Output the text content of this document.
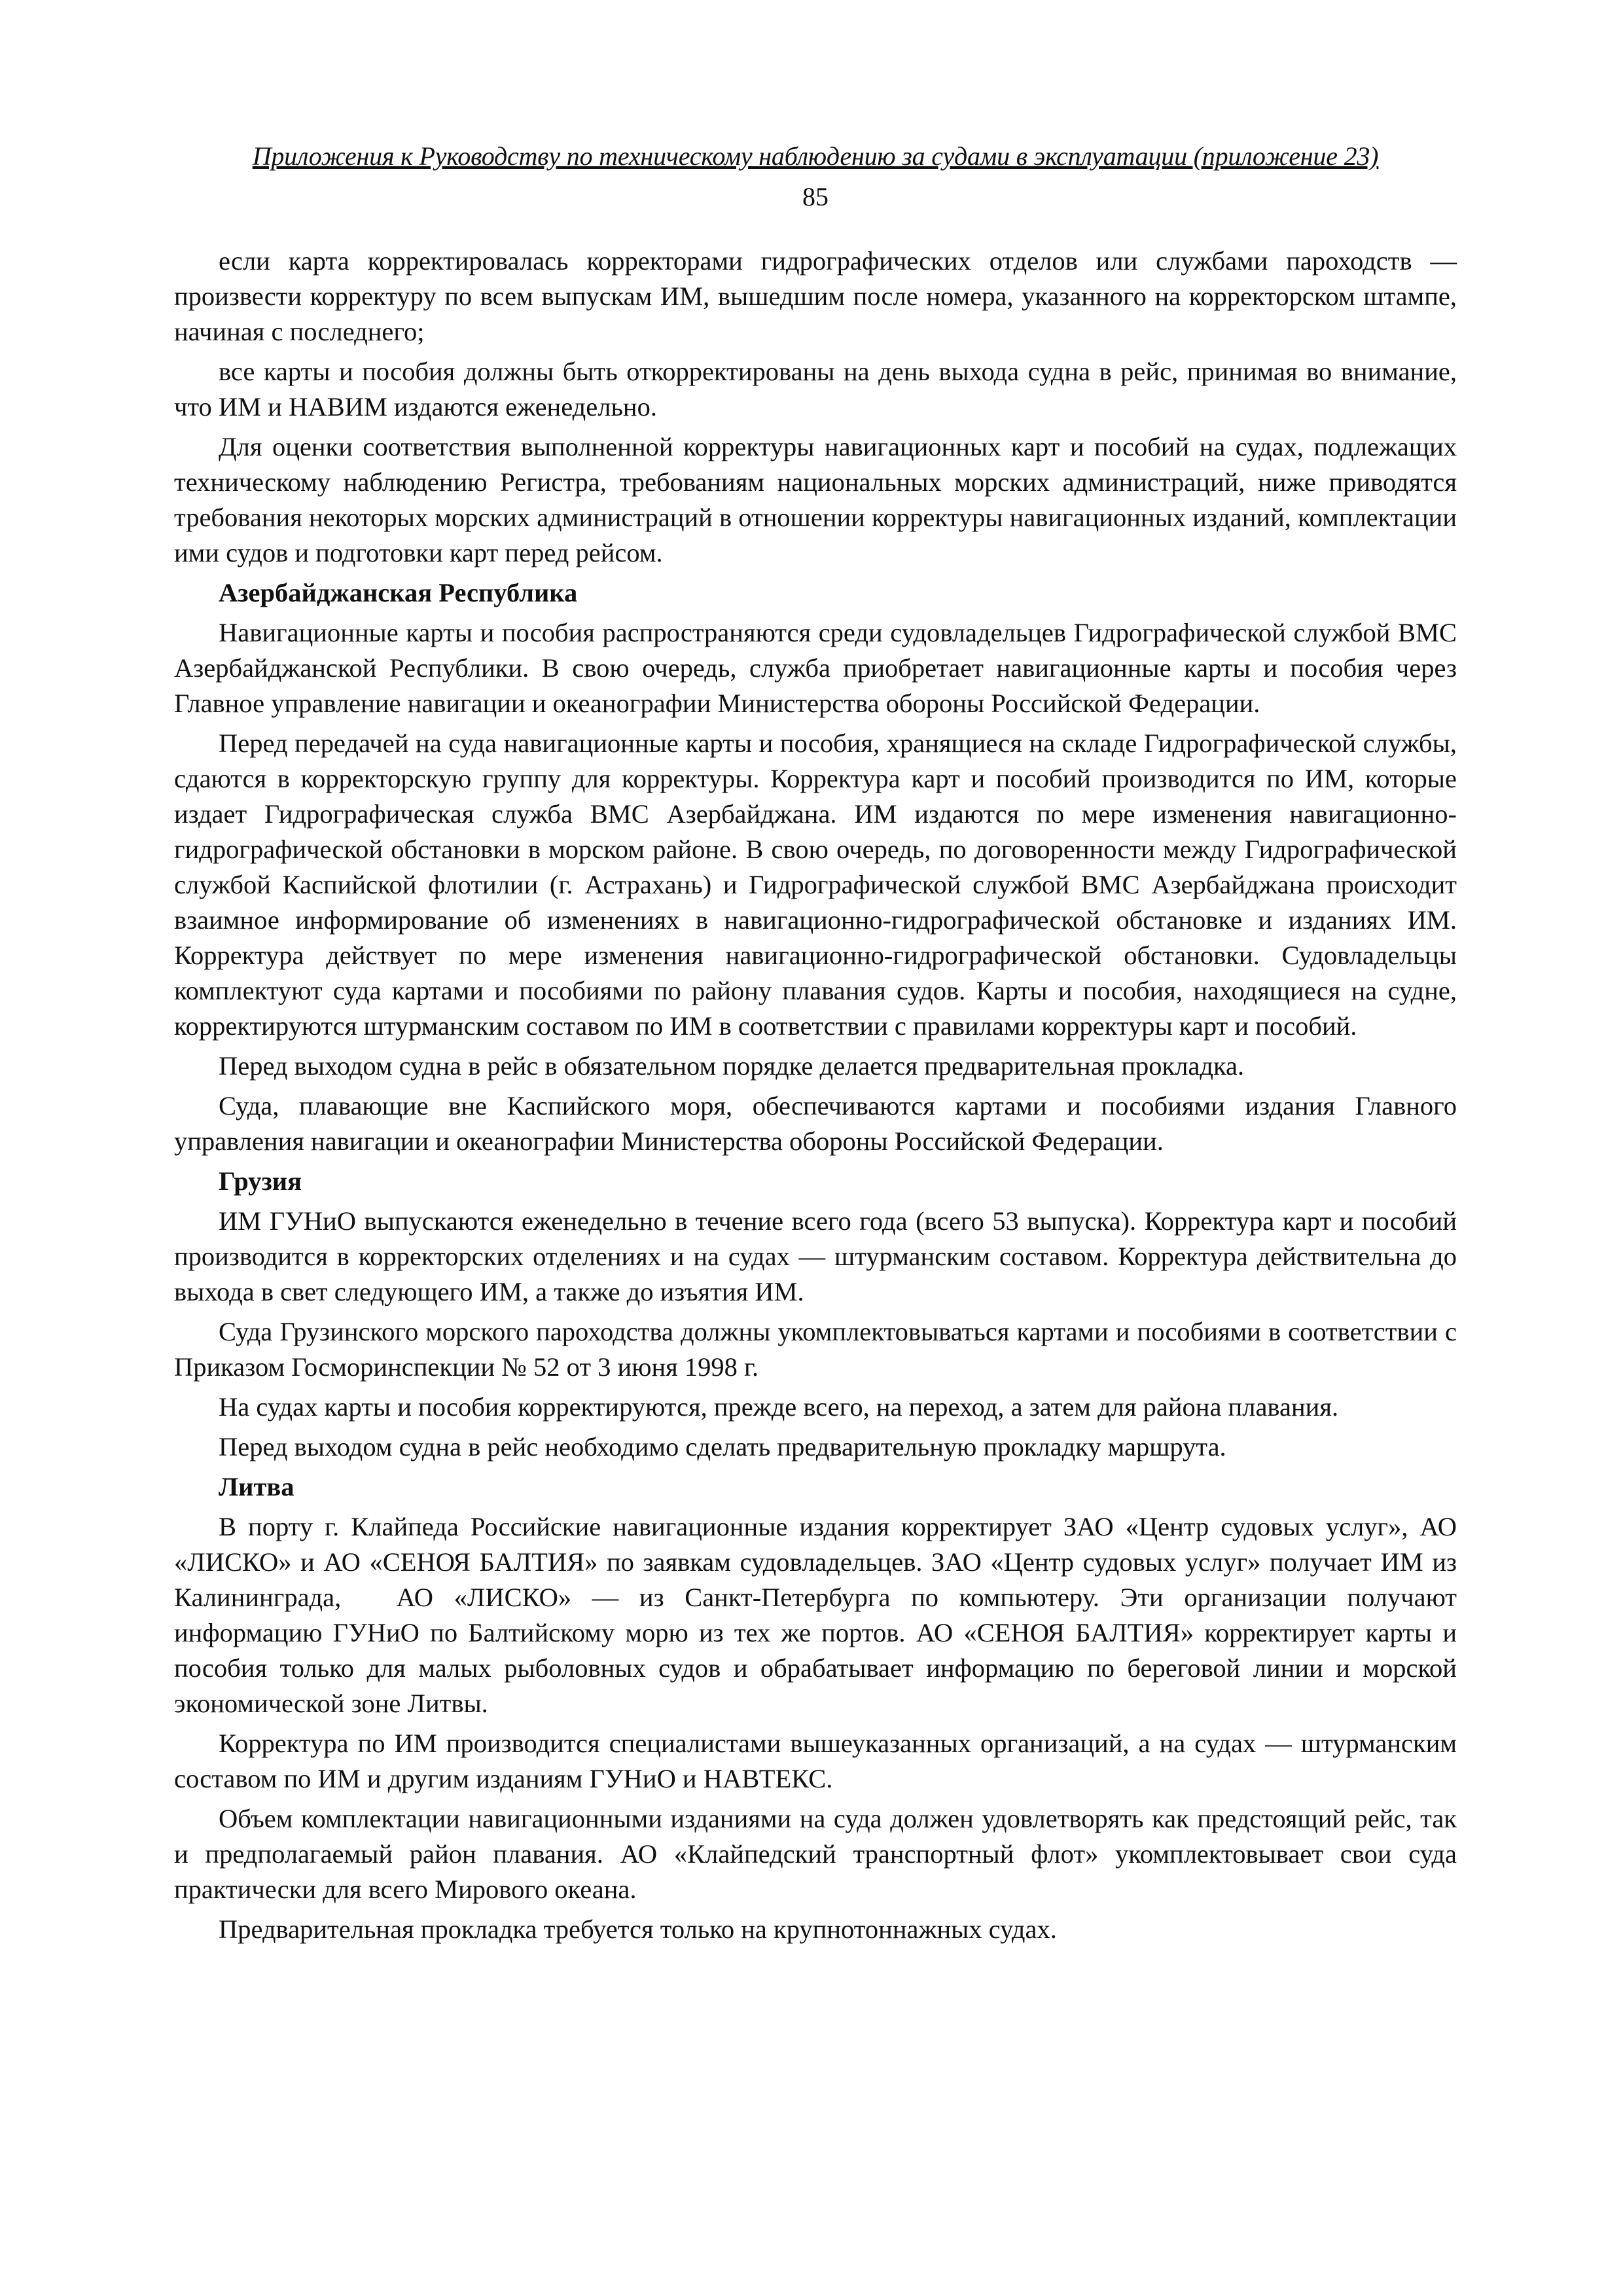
Приложения к Руководству по техническому наблюдению за судами в эксплуатации (приложение 23)
85

если карта корректировалась корректорами гидрографических отделов или службами пароходств — произвести корректуру по всем выпускам ИМ, вышедшим после номера, указанного на корректорском штампе, начиная с последнего;

все карты и пособия должны быть откорректированы на день выхода судна в рейс, принимая во внимание, что ИМ и НАВИМ издаются еженедельно.

Для оценки соответствия выполненной корректуры навигационных карт и пособий на судах, подлежащих техническому наблюдению Регистра, требованиям национальных морских администраций, ниже приводятся требования некоторых морских администраций в отношении корректуры навигационных изданий, комплектации ими судов и подготовки карт перед рейсом.

Азербайджанская Республика

Навигационные карты и пособия распространяются среди судовладельцев Гидрографической службой ВМС Азербайджанской Республики. В свою очередь, служба приобретает навигационные карты и пособия через Главное управление навигации и океанографии Министерства обороны Российской Федерации.

Перед передачей на суда навигационные карты и пособия, хранящиеся на складе Гидрографической службы, сдаются в корректорскую группу для корректуры. Корректура карт и пособий производится по ИМ, которые издает Гидрографическая служба ВМС Азербайджана. ИМ издаются по мере изменения навигационно-гидрографической обстановки в морском районе. В свою очередь, по договоренности между Гидрографической службой Каспийской флотилии (г. Астрахань) и Гидрографической службой ВМС Азербайджана происходит взаимное информирование об изменениях в навигационно-гидрографической обстановке и изданиях ИМ. Корректура действует по мере изменения навигационно-гидрографической обстановки. Судовладельцы комплектуют суда картами и пособиями по району плавания судов. Карты и пособия, находящиеся на судне, корректируются штурманским составом по ИМ в соответствии с правилами корректуры карт и пособий.

Перед выходом судна в рейс в обязательном порядке делается предварительная прокладка.

Суда, плавающие вне Каспийского моря, обеспечиваются картами и пособиями издания Главного управления навигации и океанографии Министерства обороны Российской Федерации.

Грузия

ИМ ГУНиО выпускаются еженедельно в течение всего года (всего 53 выпуска). Корректура карт и пособий производится в корректорских отделениях и на судах — штурманским составом. Корректура действительна до выхода в свет следующего ИМ, а также до изъятия ИМ.

Суда Грузинского морского пароходства должны укомплектовываться картами и пособиями в соответствии с Приказом Госморинспекции № 52 от 3 июня 1998 г.

На судах карты и пособия корректируются, прежде всего, на переход, а затем для района плавания.

Перед выходом судна в рейс необходимо сделать предварительную прокладку маршрута.

Литва

В порту г. Клайпеда Российские навигационные издания корректирует ЗАО «Центр судовых услуг», АО «ЛИСКО» и АО «СЕНОЯ БАЛТИЯ» по заявкам судовладельцев. ЗАО «Центр судовых услуг» получает ИМ из Калининграда, АО «ЛИСКО» — из Санкт-Петербурга по компьютеру. Эти организации получают информацию ГУНиО по Балтийскому морю из тех же портов. АО «СЕНОЯ БАЛТИЯ» корректирует карты и пособия только для малых рыболовных судов и обрабатывает информацию по береговой линии и морской экономической зоне Литвы.

Корректура по ИМ производится специалистами вышеуказанных организаций, а на судах — штурманским составом по ИМ и другим изданиям ГУНиО и НАВТЕКС.

Объем комплектации навигационными изданиями на суда должен удовлетворять как предстоящий рейс, так и предполагаемый район плавания. АО «Клайпедский транспортный флот» укомплектовывает свои суда практически для всего Мирового океана.

Предварительная прокладка требуется только на крупнотоннажных судах.
